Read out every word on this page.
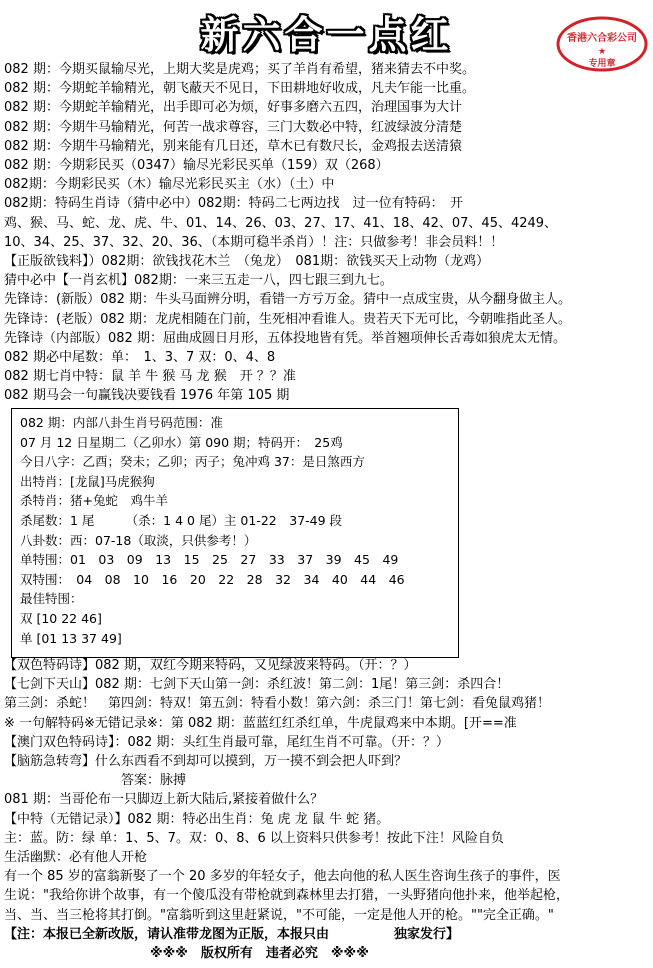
新六合一点红	香港六合彩公司
★
专用章
082 期：今期买鼠输尽光，上期大奖是虎鸡；买了羊肖有希望，猪来猜去不中奖。
082 期：今期蛇羊输精光，朝飞蔽天不见日，下田耕地好收成，凡夫乍能一比重。
082 期：今期蛇羊输精光，出手即可必为烦，好事多磨六五四，治理国事为大计
082 期：今期牛马输精光，何苦一战求尊容，三门大数必中特，红波绿波分清楚
082 期：今期牛马输精光，别来能有几日还，草木已有数尺长，金鸡报去送清猿
082 期：今期彩民买（0347）输尽光彩民买单（159）双（268）
082期：今期彩民买（木）输尽光彩民买主（水）（土）中
082期：特码生肖诗（猜中必中）082期：特码二七两边找　过一位有特码：　开
鸡、猴、马、蛇、龙、虎、牛、01、14、26、03、27、17、41、18、42、07、45、4249、
10、34、25、37、32、20、36、（本期可稳半杀肖）！注：只做参考！非会员料！！
【正版欲钱料】）082期：欲钱找花木兰　（兔龙）　081期：欲钱买天上动物（龙鸡）
猜中必中【一肖玄机】082期：一来三五走一八，四七跟三到九七。
先锋诗：(新版）082 期：牛头马面辨分明，看错一方亏万金。猜中一点成宝贵，从今翻身做主人。
先锋诗：(老版）082 期：龙虎相随在门前，生死相冲看谁人。贵若天下无可比，今朝唯指此圣人。
先锋诗（内部版）082 期：屈曲成圆日月形，五体投地皆有凭。举首翘项伸长舌毒如狼虎太无情。
082 期必中尾数：单：　1、3、7 双：0、4、8
082 期七肖中特：鼠 羊 牛 猴 马 龙 猴　开 ？？准
082 期马会一句赢钱决要钱看 1976 年第 105 期
082 期：内部八卦生肖号码范围：准
07 月 12 日星期二（乙卯水）第 090 期；特码开：　25鸡
今日八字：乙酉；癸未；乙卯；丙子；兔冲鸡 37：是日煞西方
出特肖：[龙鼠]马虎猴狗
杀特肖：猪+兔蛇　鸡牛羊
杀尾数：1 尾　　　（杀：1 4 0 尾）主 01-22　37-49 段
八卦数：西：07-18（取淡，只供参考！）
单特围：01　03　09　13　15　25　27　33　37　39　45　49
双特围：　04　08　10　16　20　22　28　32　34　40　44　46
最佳特围：
双 [10 22 46]
单 [01 13 37 49]
【双色特码诗】082 期，双红今期来特码，又见绿波来特码。（开：？）
【七剑下天山】082 期：七剑下天山第一剑：杀红波！第二剑：1尾！第三剑：杀四合！
第三剑：杀蛇！　第四剑：特双！第五剑：特看小数！第六剑：杀三门！第七剑：看兔鼠鸡猪！
※ 一句解特码※无错记录※：第 082 期：蓝蓝红红杀红单，牛虎鼠鸡来中本期。[开==准
【澳门双色特码诗】：082 期：头红生肖最可靠，尾红生肖不可靠。（开：？）
【脑筋急转弯】什么东西看不到却可以摸到，万一摸不到会把人吓到？
　　　　　　　　　答案：脉搏
081 期：当哥伦布一只脚迈上新大陆后,紧接着做什么？
【中特（无错记录）】082 期：特必出生肖：兔 虎 龙 鼠 牛 蛇 猪。
主：蓝。防：绿 单：1、5、7。双：0、8、6 以上资料只供参考！按此下注！风险自负
生活幽默：必有他人开枪
有一个 85 岁的富翁新娶了一个 20 多岁的年轻女子，他去向他的私人医生咨询生孩子的事件，医
生说："我给你讲个故事，有一个傻瓜没有带枪就到森林里去打猎，一头野猪向他扑来，他举起枪，
当、当、当三枪将其打倒。"富翁听到这里赶紧说，"不可能，一定是他人开的枪。""完全正确。"
【注：本报已全新改版，请认准带龙图为正版，本报只由　　　　　独家发行】
※※※　版权所有　违者必究　※※※
